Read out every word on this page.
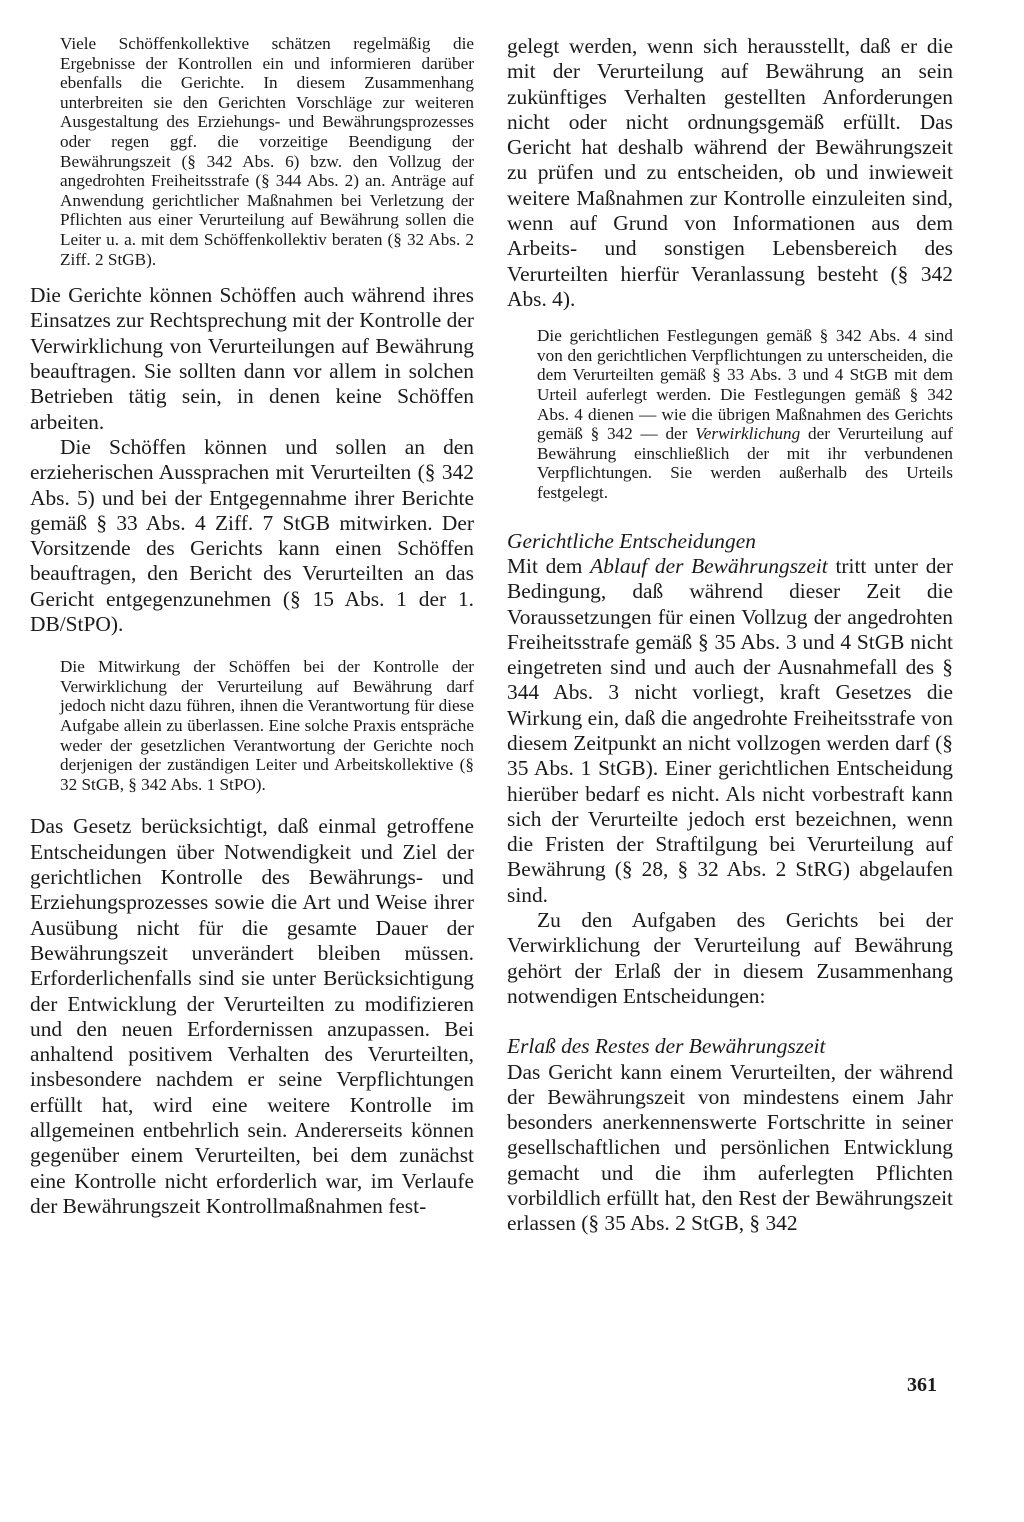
Viele Schöffenkollektive schätzen regelmäßig die Ergebnisse der Kontrollen ein und informieren darüber ebenfalls die Gerichte. In diesem Zusammenhang unterbreiten sie den Gerichten Vorschläge zur weiteren Ausgestaltung des Erziehungs- und Bewährungsprozesses oder regen ggf. die vorzeitige Beendigung der Bewährungszeit (§ 342 Abs. 6) bzw. den Vollzug der angedrohten Freiheitsstrafe (§ 344 Abs. 2) an. Anträge auf Anwendung gerichtlicher Maßnahmen bei Verletzung der Pflichten aus einer Verurteilung auf Bewährung sollen die Leiter u. a. mit dem Schöffenkollektiv beraten (§ 32 Abs. 2 Ziff. 2 StGB).

Die Gerichte können Schöffen auch während ihres Einsatzes zur Rechtsprechung mit der Kontrolle der Verwirklichung von Verurteilungen auf Bewährung beauftragen. Sie sollten dann vor allem in solchen Betrieben tätig sein, in denen keine Schöffen arbeiten.

Die Schöffen können und sollen an den erzieherischen Aussprachen mit Verurteilten (§ 342 Abs. 5) und bei der Entgegennahme ihrer Berichte gemäß § 33 Abs. 4 Ziff. 7 StGB mitwirken. Der Vorsitzende des Gerichts kann einen Schöffen beauftragen, den Bericht des Verurteilten an das Gericht entgegenzunehmen (§ 15 Abs. 1 der 1. DB/StPO).

Die Mitwirkung der Schöffen bei der Kontrolle der Verwirklichung der Verurteilung auf Bewährung darf jedoch nicht dazu führen, ihnen die Verantwortung für diese Aufgabe allein zu überlassen. Eine solche Praxis entspräche weder der gesetzlichen Verantwortung der Gerichte noch derjenigen der zuständigen Leiter und Arbeitskollektive (§ 32 StGB, § 342 Abs. 1 StPO).

Das Gesetz berücksichtigt, daß einmal getroffene Entscheidungen über Notwendigkeit und Ziel der gerichtlichen Kontrolle des Bewährungs- und Erziehungsprozesses sowie die Art und Weise ihrer Ausübung nicht für die gesamte Dauer der Bewährungszeit unverändert bleiben müssen. Erforderlichenfalls sind sie unter Berücksichtigung der Entwicklung der Verurteilten zu modifizieren und den neuen Erfordernissen anzupassen. Bei anhaltend positivem Verhalten des Verurteilten, insbesondere nachdem er seine Verpflichtungen erfüllt hat, wird eine weitere Kontrolle im allgemeinen entbehrlich sein. Andererseits können gegenüber einem Verurteilten, bei dem zunächst eine Kontrolle nicht erforderlich war, im Verlaufe der Bewährungszeit Kontrollmaßnahmen fest-

gelegt werden, wenn sich herausstellt, daß er die mit der Verurteilung auf Bewährung an sein zukünftiges Verhalten gestellten Anforderungen nicht oder nicht ordnungsgemäß erfüllt. Das Gericht hat deshalb während der Bewährungszeit zu prüfen und zu entscheiden, ob und inwieweit weitere Maßnahmen zur Kontrolle einzuleiten sind, wenn auf Grund von Informationen aus dem Arbeits- und sonstigen Lebensbereich des Verurteilten hierfür Veranlassung besteht (§ 342 Abs. 4).

Die gerichtlichen Festlegungen gemäß § 342 Abs. 4 sind von den gerichtlichen Verpflichtungen zu unterscheiden, die dem Verurteilten gemäß § 33 Abs. 3 und 4 StGB mit dem Urteil auferlegt werden. Die Festlegungen gemäß § 342 Abs. 4 dienen — wie die übrigen Maßnahmen des Gerichts gemäß § 342 — der Verwirklichung der Verurteilung auf Bewährung einschließlich der mit ihr verbundenen Verpflichtungen. Sie werden außerhalb des Urteils festgelegt.

Gerichtliche Entscheidungen

Mit dem Ablauf der Bewährungszeit tritt unter der Bedingung, daß während dieser Zeit die Voraussetzungen für einen Vollzug der angedrohten Freiheitsstrafe gemäß § 35 Abs. 3 und 4 StGB nicht eingetreten sind und auch der Ausnahmefall des § 344 Abs. 3 nicht vorliegt, kraft Gesetzes die Wirkung ein, daß die angedrohte Freiheitsstrafe von diesem Zeitpunkt an nicht vollzogen werden darf (§ 35 Abs. 1 StGB). Einer gerichtlichen Entscheidung hierüber bedarf es nicht. Als nicht vorbestraft kann sich der Verurteilte jedoch erst bezeichnen, wenn die Fristen der Straftilgung bei Verurteilung auf Bewährung (§ 28, § 32 Abs. 2 StRG) abgelaufen sind.

Zu den Aufgaben des Gerichts bei der Verwirklichung der Verurteilung auf Bewährung gehört der Erlaß der in diesem Zusammenhang notwendigen Entscheidungen:

Erlaß des Restes der Bewährungszeit

Das Gericht kann einem Verurteilten, der während der Bewährungszeit von mindestens einem Jahr besonders anerkennenswerte Fortschritte in seiner gesellschaftlichen und persönlichen Entwicklung gemacht und die ihm auferlegten Pflichten vorbildlich erfüllt hat, den Rest der Bewährungszeit erlassen (§ 35 Abs. 2 StGB, § 342

361
